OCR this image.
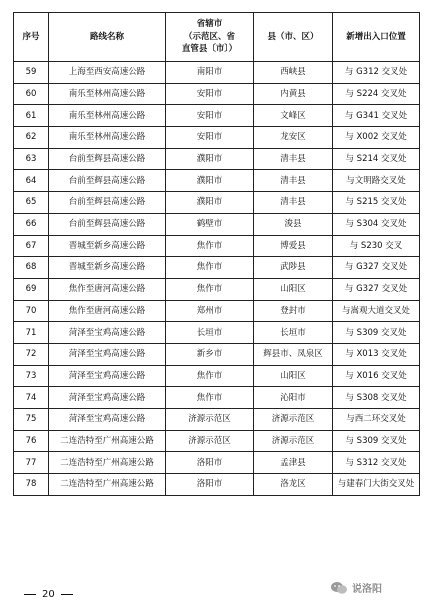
序号	路线名称	省辖市
（示范区、省
直管县〔市〕）	县（市、区）	新增出入口位置
59	上海至西安高速公路	南阳市	西峡县	与 G312 交叉处
60	南乐至林州高速公路	安阳市	内黄县	与 S224 交叉处
61	南乐至林州高速公路	安阳市	文峰区	与 G341 交叉处
62	南乐至林州高速公路	安阳市	龙安区	与 X002 交叉处
63	台前至辉县高速公路	濮阳市	清丰县	与 S214 交叉处
64	台前至辉县高速公路	濮阳市	清丰县	与文明路交叉处
65	台前至辉县高速公路	濮阳市	清丰县	与 S215 交叉处
66	台前至辉县高速公路	鹤壁市	浚县	与 S304 交叉处
67	晋城至新乡高速公路	焦作市	博爱县	与 S230 交叉
68	晋城至新乡高速公路	焦作市	武陟县	与 G327 交叉处
69	焦作至唐河高速公路	焦作市	山阳区	与 G327 交叉处
70	焦作至唐河高速公路	郑州市	登封市	与嵩观大道交叉处
71	菏泽至宝鸡高速公路	长垣市	长垣市	与 S309 交叉处
72	菏泽至宝鸡高速公路	新乡市	辉县市、凤泉区	与 X013 交叉处
73	菏泽至宝鸡高速公路	焦作市	山阳区	与 X016 交叉处
74	菏泽至宝鸡高速公路	焦作市	沁阳市	与 S308 交叉处
75	菏泽至宝鸡高速公路	济源示范区	济源示范区	与西二环交叉处
76	二连浩特至广州高速公路	济源示范区	济源示范区	与 S309 交叉处
77	二连浩特至广州高速公路	洛阳市	孟津县	与 S312 交叉处
78	二连浩特至广州高速公路	洛阳市	洛龙区	与建春门大街交叉处
20	说洛阳
